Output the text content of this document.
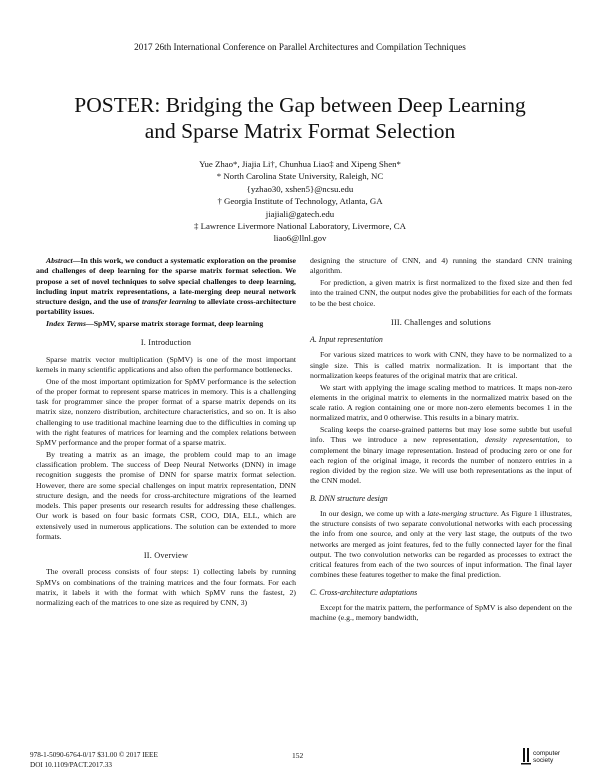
2017 26th International Conference on Parallel Architectures and Compilation Techniques
POSTER: Bridging the Gap between Deep Learning
and Sparse Matrix Format Selection
Yue Zhao*, Jiajia Li†, Chunhua Liao‡ and Xipeng Shen*
* North Carolina State University, Raleigh, NC
{yzhao30, xshen5}@ncsu.edu
† Georgia Institute of Technology, Atlanta, GA
jiajiali@gatech.edu
‡ Lawrence Livermore National Laboratory, Livermore, CA
liao6@llnl.gov

Abstract—In this work, we conduct a systematic exploration on the promise and challenges of deep learning for the sparse matrix format selection. We propose a set of novel techniques to solve special challenges to deep learning, including input matrix representations, a late-merging deep neural network structure design, and the use of transfer learning to alleviate cross-architecture portability issues.

Index Terms—SpMV, sparse matrix storage format, deep learning

I. Introduction

Sparse matrix vector multiplication (SpMV) is one of the most important kernels in many scientific applications and also often the performance bottlenecks.

One of the most important optimization for SpMV performance is the selection of the proper format to represent sparse matrices in memory. This is a challenging task for programmer since the proper format of a sparse matrix depends on its matrix size, nonzero distribution, architecture characteristics, and so on. It is also challenging to use traditional machine learning due to the difficulties in coming up with the right features of matrices for learning and the complex relations between SpMV performance and the proper format of a sparse matrix.

By treating a matrix as an image, the problem could map to an image classification problem. The success of Deep Neural Networks (DNN) in image recognition suggests the promise of DNN for sparse matrix format selection. However, there are some special challenges on input matrix representation, DNN structure design, and the needs for cross-architecture migrations of the learned models. This paper presents our research results for addressing these challenges. Our work is based on four basic formats CSR, COO, DIA, ELL, which are extensively used in numerous applications. The solution can be extended to more formats.

II. Overview

The overall process consists of four steps: 1) collecting labels by running SpMVs on combinations of the training matrices and the four formats. For each matrix, it labels it with the format with which SpMV runs the fastest, 2) normalizing each of the matrices to one size as required by CNN, 3)

designing the structure of CNN, and 4) running the standard CNN training algorithm.

For prediction, a given matrix is first normalized to the fixed size and then fed into the trained CNN, the output nodes give the probabilities for each of the formats to be the best choice.

III. Challenges and solutions
A. Input representation

For various sized matrices to work with CNN, they have to be normalized to a single size. This is called matrix normalization. It is important that the normalization keeps features of the original matrix that are critical.

We start with applying the image scaling method to matrices. It maps non-zero elements in the original matrix to elements in the normalized matrix based on the scale ratio. A region containing one or more non-zero elements becomes 1 in the normalized matrix, and 0 otherwise. This results in a binary matrix.

Scaling keeps the coarse-grained patterns but may lose some subtle but useful info. Thus we introduce a new representation, density representation, to complement the binary image representation. Instead of producing zero or one for each region of the original image, it records the number of nonzero entries in a region divided by the region size. We will use both representations as the input of the CNN model.

B. DNN structure design

In our design, we come up with a late-merging structure. As Figure 1 illustrates, the structure consists of two separate convolutional networks with each processing the info from one source, and only at the very last stage, the outputs of the two networks are merged as joint features, fed to the fully connected layer for the final output. The two convolution networks can be regarded as processes to extract the critical features from each of the two sources of input information. The final layer combines these features together to make the final prediction.

C. Cross-architecture adaptations

Except for the matrix pattern, the performance of SpMV is also dependent on the machine (e.g., memory bandwidth,

978-1-5090-6764-0/17 $31.00 © 2017 IEEE
DOI 10.1109/PACT.2017.33
152	computer
society
